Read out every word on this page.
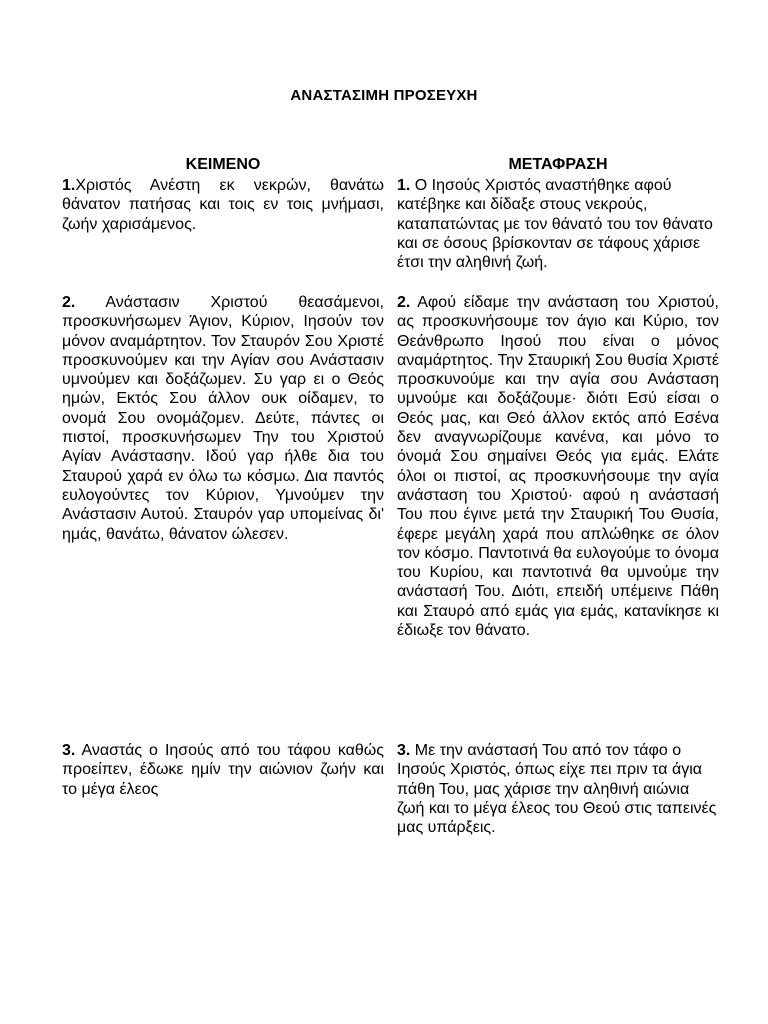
ΑΝΑΣΤΑΣΙΜΗ ΠΡΟΣΕΥΧΗ
ΚΕΙΜΕΝΟ

1.Χριστός Ανέστη εκ νεκρών, θανάτω θάνατον πατήσας και τοις εν τοις μνήμασι, ζωήν χαρισάμενος.

2. Ανάστασιν Χριστού θεασάμενοι, προσκυνήσωμεν Άγιον, Κύριον, Ιησούν τον μόνον αναμάρτητον. Τον Σταυρόν Σου Χριστέ προσκυνούμεν και την Αγίαν σου Ανάστασιν υμνούμεν και δοξάζωμεν. Συ γαρ ει ο Θεός ημών, Εκτός Σου άλλον ουκ οίδαμεν, το ονομά Σου ονομάζομεν. Δεύτε, πάντες οι πιστοί, προσκυνήσωμεν Την του Χριστού Αγίαν Ανάστασην. Ιδού γαρ ήλθε δια του Σταυρού χαρά εν όλω τω κόσμω. Δια παντός ευλογούντες τον Κύριον, Υμνούμεν την Ανάστασιν Αυτού. Σταυρόν γαρ υπομείνας δι' ημάς, θανάτω, θάνατον ώλεσεν.

3. Αναστάς ο Ιησούς από του τάφου καθώς προείπεν, έδωκε ημίν την αιώνιον ζωήν και το μέγα έλεος

ΜΕΤΑΦΡΑΣΗ

1. Ο Ιησούς Χριστός αναστήθηκε αφού κατέβηκε και δίδαξε στους νεκρούς, καταπατώντας με τον θάνατό του τον θάνατο και σε όσους βρίσκονταν σε τάφους χάρισε έτσι την αληθινή ζωή.

2. Αφού είδαμε την ανάσταση του Χριστού, ας προσκυνήσουμε τον άγιο και Κύριο, τον Θεάνθρωπο Ιησού που είναι ο μόνος αναμάρτητος. Την Σταυρική Σου θυσία Χριστέ προσκυνούμε και την αγία σου Ανάσταση υμνούμε και δοξάζουμε· διότι Εσύ είσαι ο Θεός μας, και Θεό άλλον εκτός από Εσένα δεν αναγνωρίζουμε κανένα, και μόνο το όνομά Σου σημαίνει Θεός για εμάς. Ελάτε όλοι οι πιστοί, ας προσκυνήσουμε την αγία ανάσταση του Χριστού· αφού η ανάστασή Του που έγινε μετά την Σταυρική Του Θυσία, έφερε μεγάλη χαρά που απλώθηκε σε όλον τον κόσμο. Παντοτινά θα ευλογούμε το όνομα του Κυρίου, και παντοτινά θα υμνούμε την ανάστασή Του. Διότι, επειδή υπέμεινε Πάθη και Σταυρό από εμάς για εμάς, κατανίκησε κι έδιωξε τον θάνατο.

3. Με την ανάστασή Του από τον τάφο ο Ιησούς Χριστός, όπως είχε πει πριν τα άγια πάθη Του, μας χάρισε την αληθινή αιώνια ζωή και το μέγα έλεος του Θεού στις ταπεινές μας υπάρξεις.
